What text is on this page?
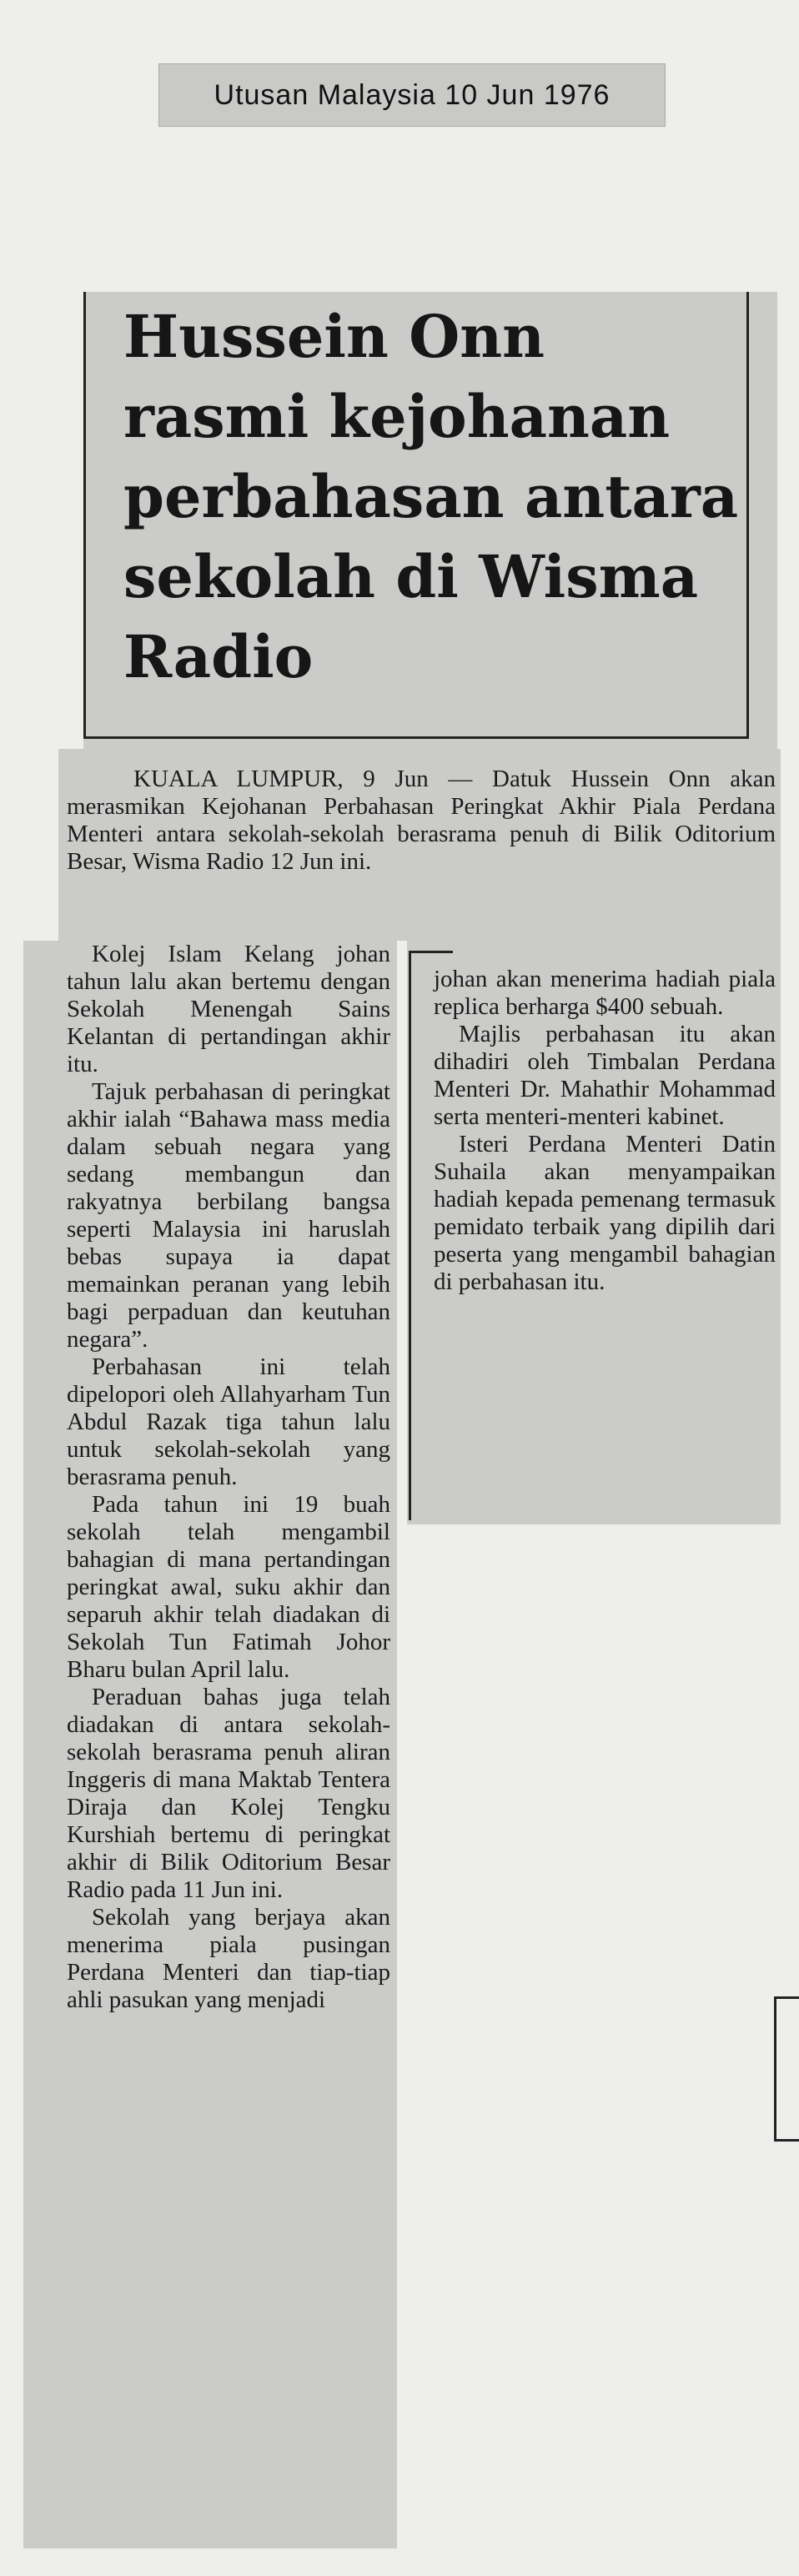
Utusan Malaysia 10 Jun 1976
Hussein Onn rasmi kejohanan perbahasan antara sekolah di Wisma Radio

KUALA LUMPUR, 9 Jun — Datuk Hussein Onn akan merasmikan Kejohanan Perbahasan Peringkat Akhir Piala Perdana Menteri antara sekolah-sekolah berasrama penuh di Bilik Oditorium Besar, Wisma Radio 12 Jun ini.

Kolej Islam Kelang johan tahun lalu akan bertemu dengan Sekolah Menengah Sains Kelantan di pertandingan akhir itu.

Tajuk perbahasan di peringkat akhir ialah “Bahawa mass media dalam sebuah negara yang sedang membangun dan rakyatnya berbilang bangsa seperti Malaysia ini haruslah bebas supaya ia dapat memainkan peranan yang lebih bagi perpaduan dan keutuhan negara”.

Perbahasan ini telah dipelopori oleh Allahyarham Tun Abdul Razak tiga tahun lalu untuk sekolah-sekolah yang berasrama penuh.

Pada tahun ini 19 buah sekolah telah mengambil bahagian di mana pertandingan peringkat awal, suku akhir dan separuh akhir telah diadakan di Sekolah Tun Fatimah Johor Bharu bulan April lalu.

Peraduan bahas juga telah diadakan di antara sekolah-sekolah berasrama penuh aliran Inggeris di mana Maktab Tentera Diraja dan Kolej Tengku Kurshiah bertemu di peringkat akhir di Bilik Oditorium Besar Radio pada 11 Jun ini.

Sekolah yang berjaya akan menerima piala pusingan Perdana Menteri dan tiap-tiap ahli pasukan yang menjadi

johan akan menerima hadiah piala replica berharga $400 sebuah.

Majlis perbahasan itu akan dihadiri oleh Timbalan Perdana Menteri Dr. Mahathir Mohammad serta menteri-menteri kabinet.

Isteri Perdana Menteri Datin Suhaila akan menyampaikan hadiah kepada pemenang termasuk pemidato terbaik yang dipilih dari peserta yang mengambil bahagian di perbahasan itu.
